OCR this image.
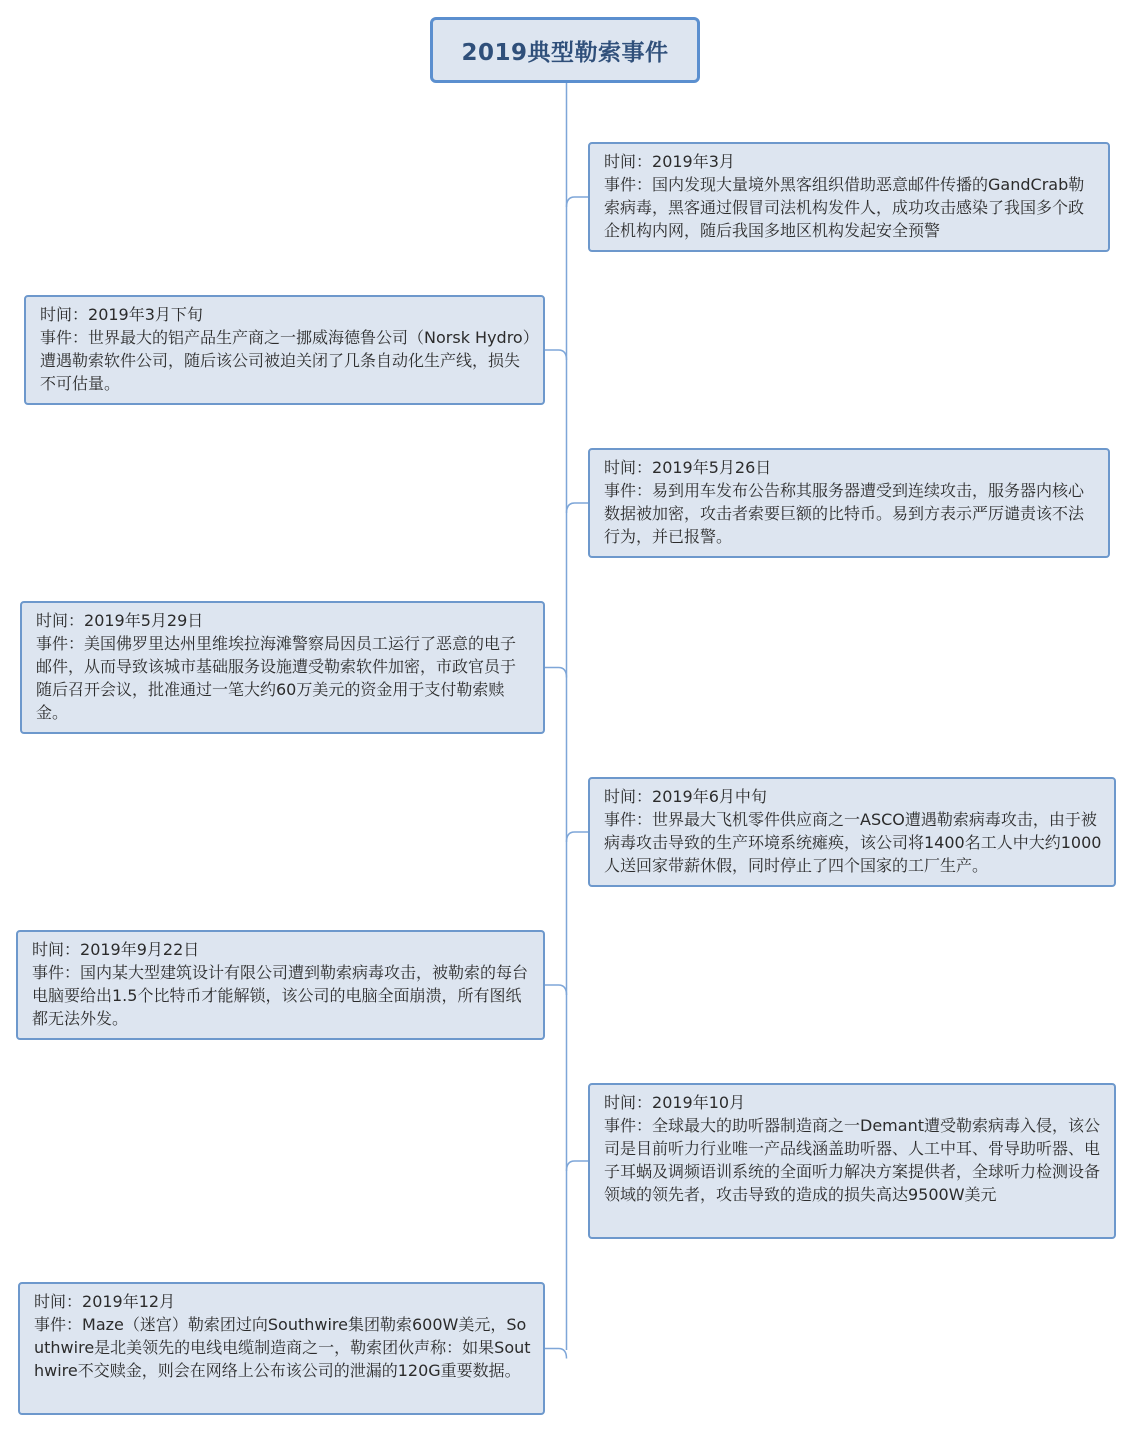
2019典型勒索事件
时间：2019年3月
事件：国内发现大量境外黑客组织借助恶意邮件传播的GandCrab勒索病毒，黑客通过假冒司法机构发件人，成功攻击感染了我国多个政企机构内网，随后我国多地区机构发起安全预警
时间：2019年3月下旬
事件：世界最大的铝产品生产商之一挪威海德鲁公司（Norsk Hydro）遭遇勒索软件公司，随后该公司被迫关闭了几条自动化生产线，损失不可估量。
时间：2019年5月26日
事件：易到用车发布公告称其服务器遭受到连续攻击，服务器内核心数据被加密，攻击者索要巨额的比特币。易到方表示严厉谴责该不法行为，并已报警。
时间：2019年5月29日
事件：美国佛罗里达州里维埃拉海滩警察局因员工运行了恶意的电子邮件，从而导致该城市基础服务设施遭受勒索软件加密，市政官员于随后召开会议，批准通过一笔大约60万美元的资金用于支付勒索赎金。
时间：2019年6月中旬
事件：世界最大飞机零件供应商之一ASCO遭遇勒索病毒攻击，由于被病毒攻击导致的生产环境系统瘫痪，该公司将1400名工人中大约1000人送回家带薪休假，同时停止了四个国家的工厂生产。
时间：2019年9月22日
事件：国内某大型建筑设计有限公司遭到勒索病毒攻击，被勒索的每台电脑要给出1.5个比特币才能解锁，该公司的电脑全面崩溃，所有图纸都无法外发。
时间：2019年10月
事件：全球最大的助听器制造商之一Demant遭受勒索病毒入侵，该公司是目前听力行业唯一产品线涵盖助听器、人工中耳、骨导助听器、电子耳蜗及调频语训系统的全面听力解决方案提供者，全球听力检测设备领域的领先者，攻击导致的造成的损失高达9500W美元
时间：2019年12月
事件：Maze（迷宫）勒索团过向Southwire集团勒索600W美元，Southwire是北美领先的电线电缆制造商之一，勒索团伙声称：如果Southwire不交赎金，则会在网络上公布该公司的泄漏的120G重要数据。
